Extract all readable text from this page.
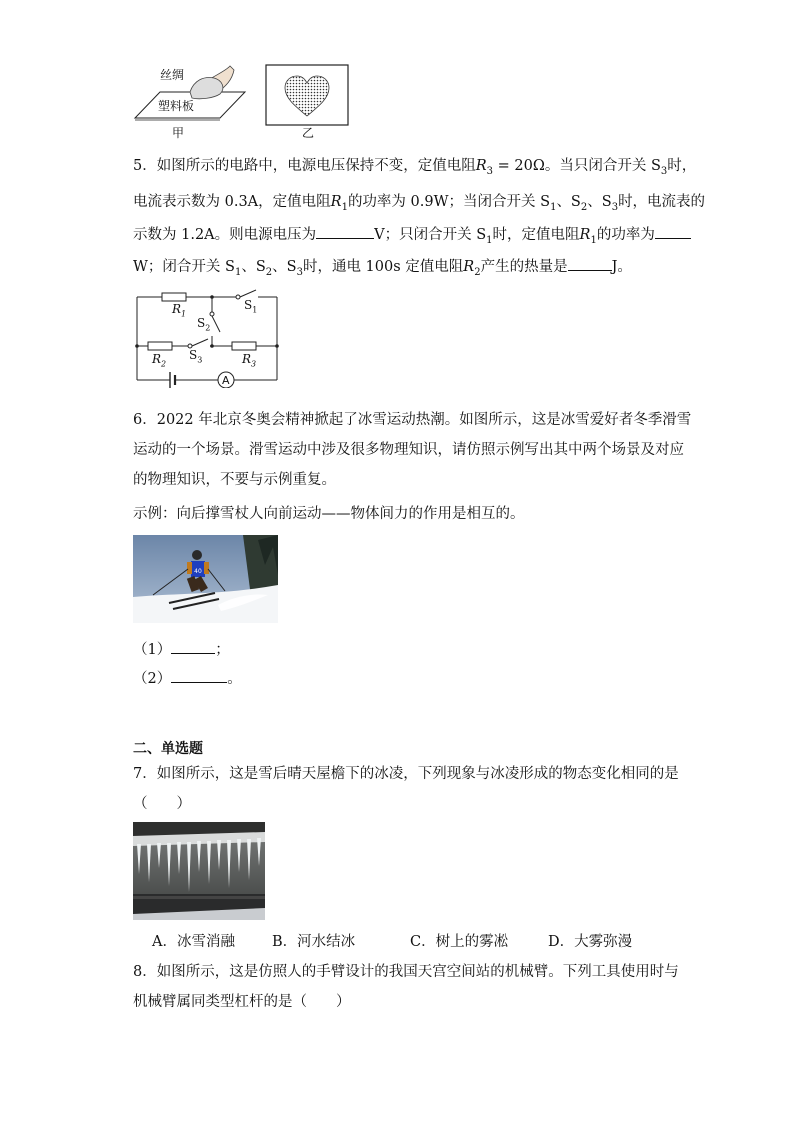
丝绸
塑料板
甲	乙
5．如图所示的电路中，电源电压保持不变，定值电阻$R_3 = 20\Omega$。当只闭合开关 $S_3$时，
电流表示数为 0.3A，定值电阻$R_1$的功率为 0.9W；当闭合开关 $S_1$、$S_2$、$S_3$时，电流表的
示数为 1.2A。则电源电压为	V；只闭合开关 $S_1$时，定值电阻$R_1$的功率为
W；闭合开关 $S_1$、$S_2$、$S_3$时，通电 100s 定值电阻$R_2$产生的热量是	J。
$R_1$
$S_1$
$S_2$
$R_2$
$S_3$	$R_3$
A
6．2022 年北京冬奥会精神掀起了冰雪运动热潮。如图所示，这是冰雪爱好者冬季滑雪
运动的一个场景。滑雪运动中涉及很多物理知识，请仿照示例写出其中两个场景及对应
的物理知识，不要与示例重复。
示例：向后撑雪杖人向前运动——物体间力的作用是相互的。
40
（1）	；
（2）	。
二、单选题
7．如图所示，这是雪后晴天屋檐下的冰凌，下列现象与冰凌形成的物态变化相同的是
（　　）
A．冰雪消融	B．河水结冰	C．树上的雾凇	D．大雾弥漫
8．如图所示，这是仿照人的手臂设计的我国天宫空间站的机械臂。下列工具使用时与
机械臂属同类型杠杆的是（　　）
